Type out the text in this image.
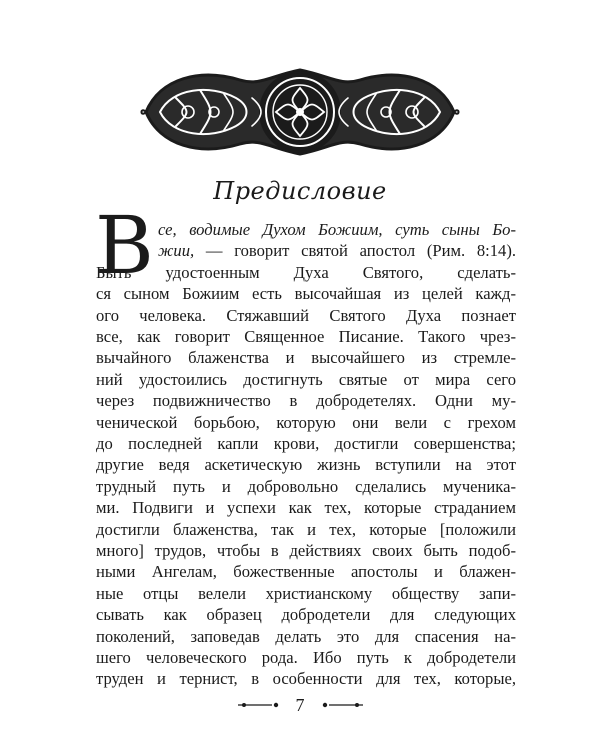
Предисловие
В се, водимые Духом Божиим, суть сыны Бо-
жии, — говорит святой апостол (Рим. 8:14).
Быть удостоенным Духа Святого, сделать-
ся сыном Божиим есть высочайшая из целей кажд-
ого человека. Стяжавший Святого Духа познает
все, как говорит Священное Писание. Такого чрез-
вычайного блаженства и высочайшего из стремле-
ний удостоились достигнуть святые от мира сего
через подвижничество в добродетелях. Одни му-
ченической борьбою, которую они вели с грехом
до последней капли крови, достигли совершенства;
другие ведя аскетическую жизнь вступили на этот
трудный путь и добровольно сделались мученика-
ми. Подвиги и успехи как тех, которые страданием
достигли блаженства, так и тех, которые [положили
много] трудов, чтобы в действиях своих быть подоб-
ными Ангелам, божественные апостолы и блажен-
ные отцы велели христианскому обществу запи-
сывать как образец добродетели для следующих
поколений, заповедав делать это для спасения на-
шего человеческого рода. Ибо путь к добродетели
труден и тернист, в особенности для тех, которые,
7
